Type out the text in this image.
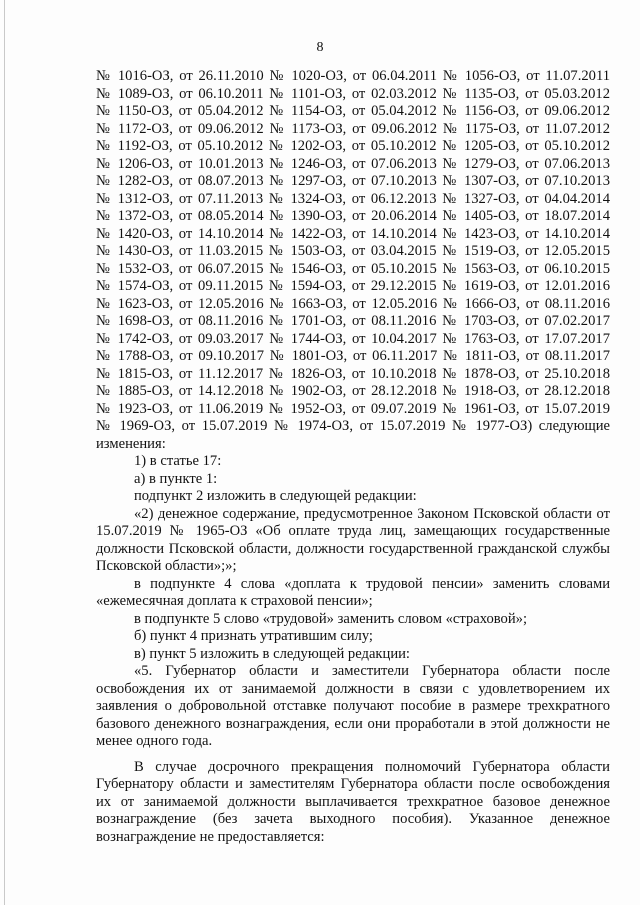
8

№ 1016-ОЗ, от 26.11.2010 № 1020-ОЗ, от 06.04.2011 № 1056-ОЗ, от 11.07.2011

№ 1089-ОЗ, от 06.10.2011 № 1101-ОЗ, от 02.03.2012 № 1135-ОЗ, от 05.03.2012

№ 1150-ОЗ, от 05.04.2012 № 1154-ОЗ, от 05.04.2012 № 1156-ОЗ, от 09.06.2012

№ 1172-ОЗ, от 09.06.2012 № 1173-ОЗ, от 09.06.2012 № 1175-ОЗ, от 11.07.2012

№ 1192-ОЗ, от 05.10.2012 № 1202-ОЗ, от 05.10.2012 № 1205-ОЗ, от 05.10.2012

№ 1206-ОЗ, от 10.01.2013 № 1246-ОЗ, от 07.06.2013 № 1279-ОЗ, от 07.06.2013

№ 1282-ОЗ, от 08.07.2013 № 1297-ОЗ, от 07.10.2013 № 1307-ОЗ, от 07.10.2013

№ 1312-ОЗ, от 07.11.2013 № 1324-ОЗ, от 06.12.2013 № 1327-ОЗ, от 04.04.2014

№ 1372-ОЗ, от 08.05.2014 № 1390-ОЗ, от 20.06.2014 № 1405-ОЗ, от 18.07.2014

№ 1420-ОЗ, от 14.10.2014 № 1422-ОЗ, от 14.10.2014 № 1423-ОЗ, от 14.10.2014

№ 1430-ОЗ, от 11.03.2015 № 1503-ОЗ, от 03.04.2015 № 1519-ОЗ, от 12.05.2015

№ 1532-ОЗ, от 06.07.2015 № 1546-ОЗ, от 05.10.2015 № 1563-ОЗ, от 06.10.2015

№ 1574-ОЗ, от 09.11.2015 № 1594-ОЗ, от 29.12.2015 № 1619-ОЗ, от 12.01.2016

№ 1623-ОЗ, от 12.05.2016 № 1663-ОЗ, от 12.05.2016 № 1666-ОЗ, от 08.11.2016

№ 1698-ОЗ, от 08.11.2016 № 1701-ОЗ, от 08.11.2016 № 1703-ОЗ, от 07.02.2017

№ 1742-ОЗ, от 09.03.2017 № 1744-ОЗ, от 10.04.2017 № 1763-ОЗ, от 17.07.2017

№ 1788-ОЗ, от 09.10.2017 № 1801-ОЗ, от 06.11.2017 № 1811-ОЗ, от 08.11.2017

№ 1815-ОЗ, от 11.12.2017 № 1826-ОЗ, от 10.10.2018 № 1878-ОЗ, от 25.10.2018

№ 1885-ОЗ, от 14.12.2018 № 1902-ОЗ, от 28.12.2018 № 1918-ОЗ, от 28.12.2018

№ 1923-ОЗ, от 11.06.2019 № 1952-ОЗ, от 09.07.2019 № 1961-ОЗ, от 15.07.2019

№ 1969-ОЗ, от 15.07.2019 № 1974-ОЗ, от 15.07.2019 № 1977-ОЗ) следующие

изменения:

1) в статье 17:

а) в пункте 1:

подпункт 2 изложить в следующей редакции:

«2) денежное содержание, предусмотренное Законом Псковской области от 15.07.2019 № 1965-ОЗ «Об оплате труда лиц, замещающих государственные должности Псковской области, должности государственной гражданской службы Псковской области»;»;

в подпункте 4 слова «доплата к трудовой пенсии» заменить словами «ежемесячная доплата к страховой пенсии»;

в подпункте 5 слово «трудовой» заменить словом «страховой»;

б) пункт 4 признать утратившим силу;

в) пункт 5 изложить в следующей редакции:

«5. Губернатор области и заместители Губернатора области после освобождения их от занимаемой должности в связи с удовлетворением их заявления о добровольной отставке получают пособие в размере трехкратного базового денежного вознаграждения, если они проработали в этой должности не менее одного года.

В случае досрочного прекращения полномочий Губернатора области Губернатору области и заместителям Губернатора области после освобождения их от занимаемой должности выплачивается трехкратное базовое денежное вознаграждение (без зачета выходного пособия). Указанное денежное вознаграждение не предоставляется:
